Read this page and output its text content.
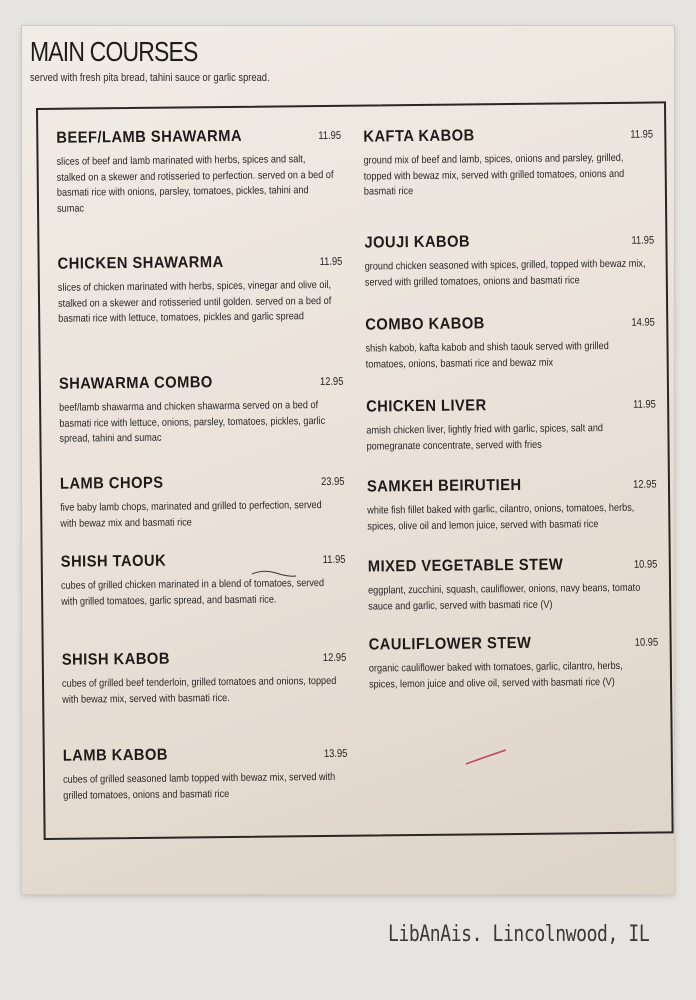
MAIN COURSES
served with fresh pita bread, tahini sauce or garlic spread.
BEEF/LAMB SHAWARMA	11.95
slices of beef and lamb marinated with herbs, spices and salt, stalked on a skewer and rotisseried to perfection. served on a bed of basmati rice with onions, parsley, tomatoes, pickles, tahini and sumac
CHICKEN SHAWARMA	11.95
slices of chicken marinated with herbs, spices, vinegar and olive oil, stalked on a skewer and rotisseried until golden. served on a bed of basmati rice with lettuce, tomatoes, pickles and garlic spread
SHAWARMA COMBO	12.95
beef/lamb shawarma and chicken shawarma served on a bed of basmati rice with lettuce, onions, parsley, tomatoes, pickles, garlic spread, tahini and sumac
LAMB CHOPS	23.95
five baby lamb chops, marinated and grilled to perfection, served with bewaz mix and basmati rice
SHISH TAOUK	11.95
cubes of grilled chicken marinated in a blend of tomatoes, served with grilled tomatoes, garlic spread, and basmati rice.
SHISH KABOB	12.95
cubes of grilled beef tenderloin, grilled tomatoes and onions, topped with bewaz mix, served with basmati rice.
LAMB KABOB	13.95
cubes of grilled seasoned lamb topped with bewaz mix, served with grilled tomatoes, onions and basmati rice
KAFTA KABOB	11.95
ground mix of beef and lamb, spices, onions and parsley, grilled, topped with bewaz mix, served with grilled tomatoes, onions and basmati rice
JOUJI KABOB	11.95
ground chicken seasoned with spices, grilled, topped with bewaz mix, served with grilled tomatoes, onions and basmati rice
COMBO KABOB	14.95
shish kabob, kafta kabob and shish taouk served with grilled tomatoes, onions, basmati rice and bewaz mix
CHICKEN LIVER	11.95
amish chicken liver, lightly fried with garlic, spices, salt and pomegranate concentrate, served with fries
SAMKEH BEIRUTIEH	12.95
white fish fillet baked with garlic, cilantro, onions, tomatoes, herbs, spices, olive oil and lemon juice, served with basmati rice
MIXED VEGETABLE STEW	10.95
eggplant, zucchini, squash, cauliflower, onions, navy beans, tomato sauce and garlic, served with basmati rice (V)
CAULIFLOWER STEW	10.95
organic cauliflower baked with tomatoes, garlic, cilantro, herbs, spices, lemon juice and olive oil, served with basmati rice (V)
LibAnAis. Lincolnwood, IL
